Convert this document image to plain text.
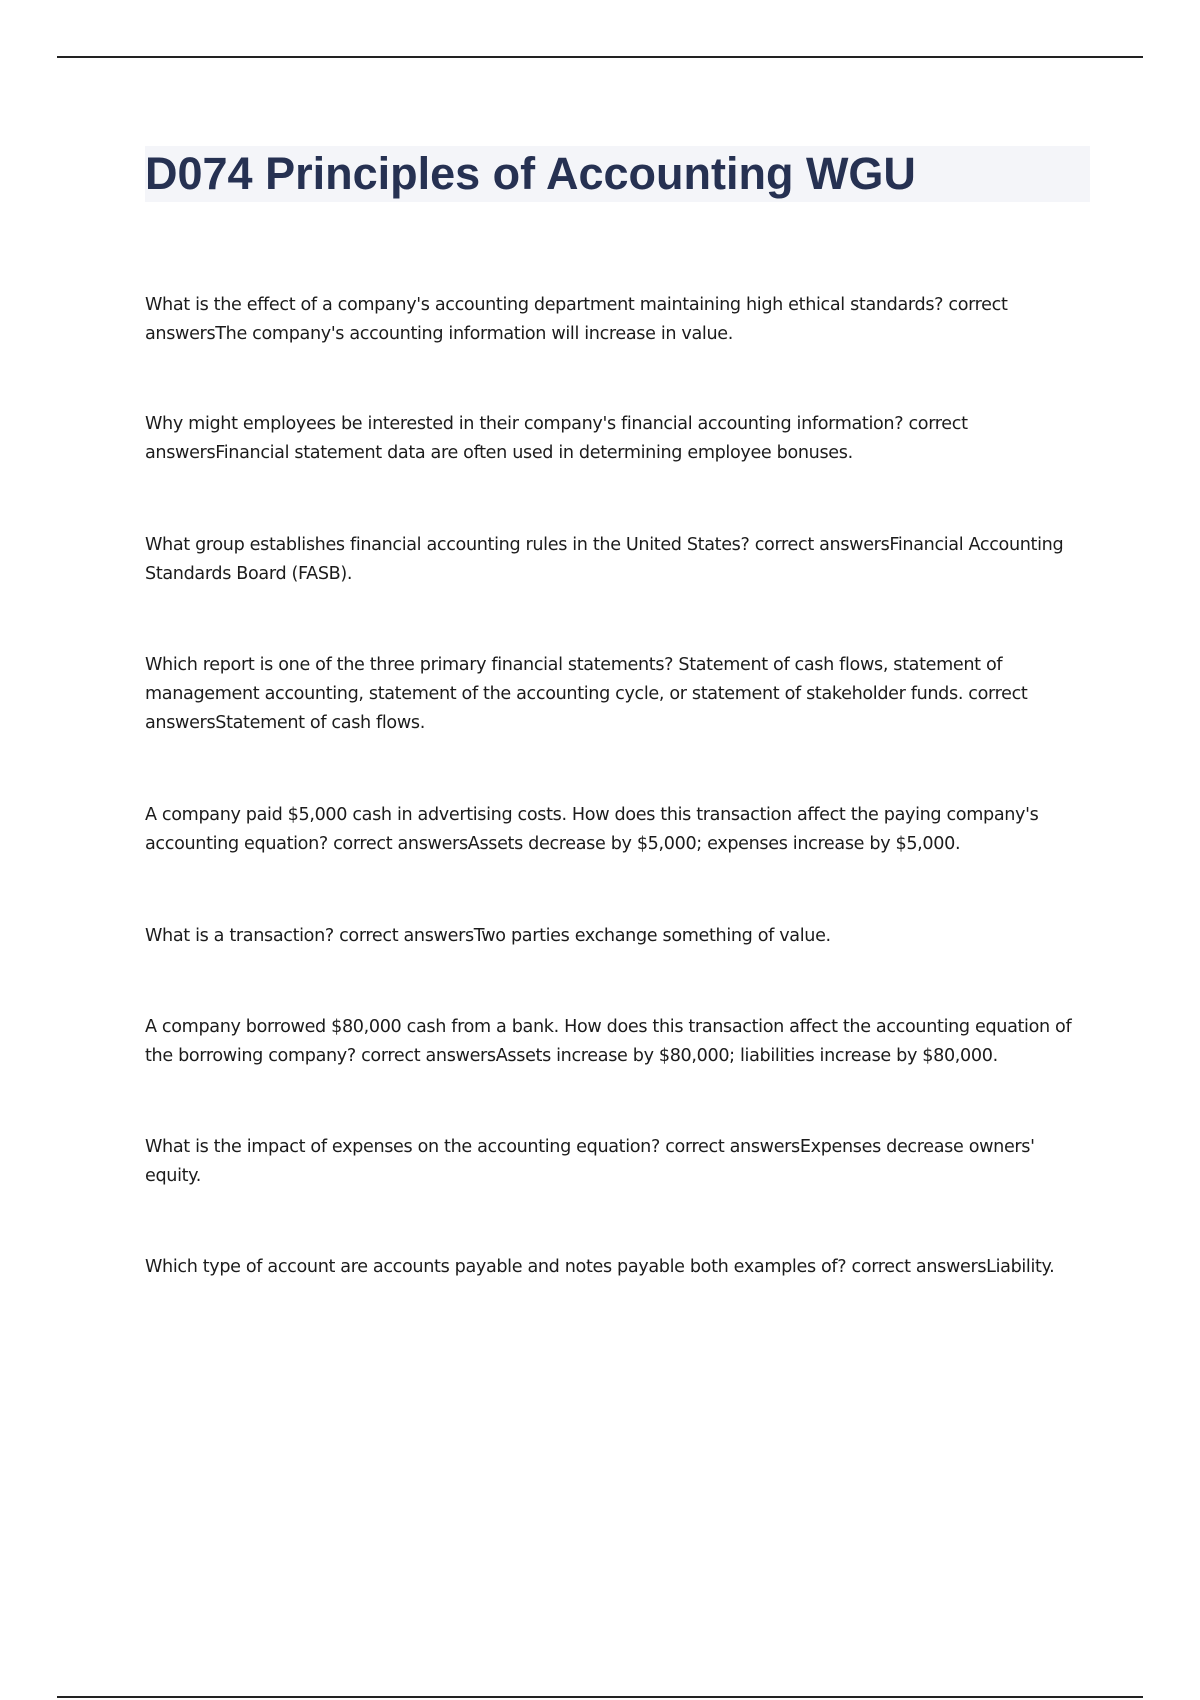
D074 Principles of Accounting WGU

What is the effect of a company's accounting department maintaining high ethical standards? correct answersThe company's accounting information will increase in value.

Why might employees be interested in their company's financial accounting information? correct answersFinancial statement data are often used in determining employee bonuses.

What group establishes financial accounting rules in the United States? correct answersFinancial Accounting Standards Board (FASB).

Which report is one of the three primary financial statements? Statement of cash flows, statement of management accounting, statement of the accounting cycle, or statement of stakeholder funds. correct answersStatement of cash flows.

A company paid $5,000 cash in advertising costs. How does this transaction affect the paying company's accounting equation? correct answersAssets decrease by $5,000; expenses increase by $5,000.

What is a transaction? correct answersTwo parties exchange something of value.

A company borrowed $80,000 cash from a bank. How does this transaction affect the accounting equation of the borrowing company? correct answersAssets increase by $80,000; liabilities increase by $80,000.

What is the impact of expenses on the accounting equation? correct answersExpenses decrease owners' equity.

Which type of account are accounts payable and notes payable both examples of? correct answersLiability.
